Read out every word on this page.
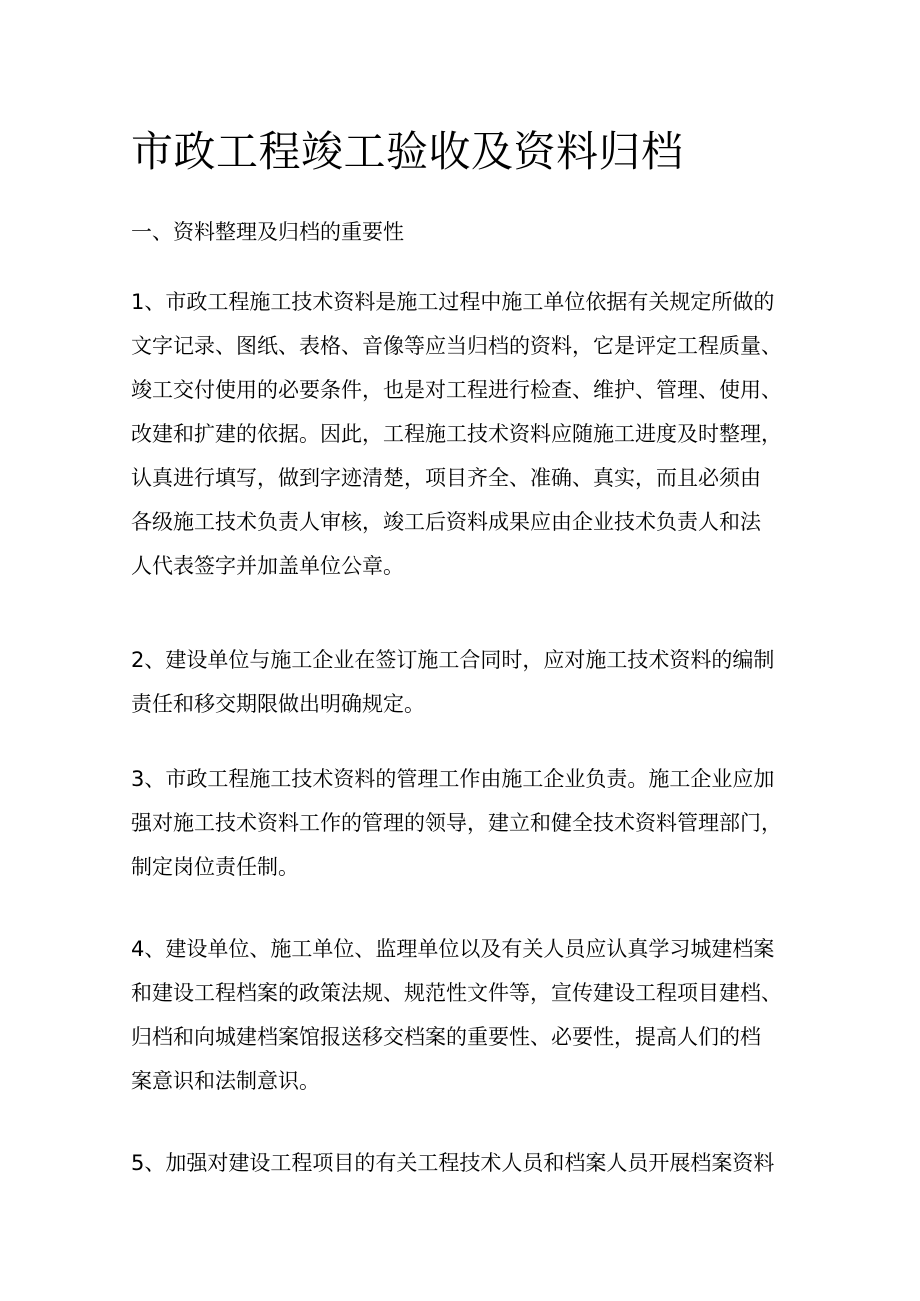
市政工程竣工验收及资料归档
一、资料整理及归档的重要性
1、市政工程施工技术资料是施工过程中施工单位依据有关规定所做的
文字记录、图纸、表格、音像等应当归档的资料，它是评定工程质量、
竣工交付使用的必要条件，也是对工程进行检查、维护、管理、使用、
改建和扩建的依据。因此，工程施工技术资料应随施工进度及时整理，
认真进行填写，做到字迹清楚，项目齐全、准确、真实，而且必须由
各级施工技术负责人审核，竣工后资料成果应由企业技术负责人和法
人代表签字并加盖单位公章。
2、建设单位与施工企业在签订施工合同时，应对施工技术资料的编制
责任和移交期限做出明确规定。
3、市政工程施工技术资料的管理工作由施工企业负责。施工企业应加
强对施工技术资料工作的管理的领导，建立和健全技术资料管理部门，
制定岗位责任制。
4、建设单位、施工单位、监理单位以及有关人员应认真学习城建档案
和建设工程档案的政策法规、规范性文件等，宣传建设工程项目建档、
归档和向城建档案馆报送移交档案的重要性、必要性，提高人们的档
案意识和法制意识。
5、加强对建设工程项目的有关工程技术人员和档案人员开展档案资料
